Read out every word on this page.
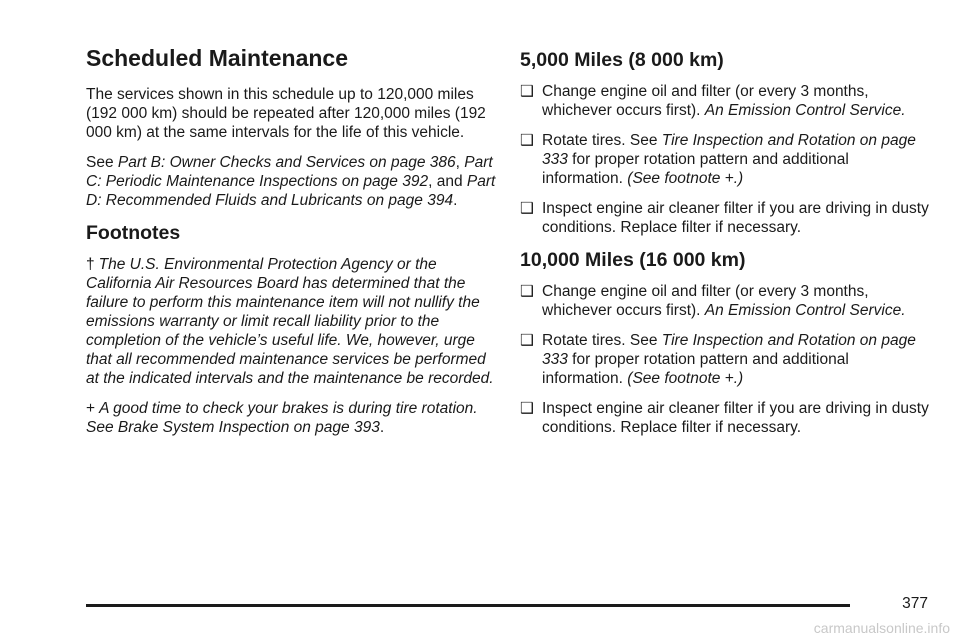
Scheduled Maintenance

The services shown in this schedule up to 120,000 miles (192 000 km) should be repeated after 120,000 miles (192 000 km) at the same intervals for the life of this vehicle.

See Part B: Owner Checks and Services on page 386, Part C: Periodic Maintenance Inspections on page 392, and Part D: Recommended Fluids and Lubricants on page 394.

Footnotes

† The U.S. Environmental Protection Agency or the California Air Resources Board has determined that the failure to perform this maintenance item will not nullify the emissions warranty or limit recall liability prior to the completion of the vehicle’s useful life. We, however, urge that all recommended maintenance services be performed at the indicated intervals and the maintenance be recorded.

+ A good time to check your brakes is during tire rotation. See Brake System Inspection on page 393.

5,000 Miles (8 000 km)
❑ Change engine oil and filter (or every 3 months, whichever occurs first). An Emission Control Service.
❑ Rotate tires. See Tire Inspection and Rotation on page 333 for proper rotation pattern and additional information. (See footnote +.)
❑ Inspect engine air cleaner filter if you are driving in dusty conditions. Replace filter if necessary.
10,000 Miles (16 000 km)
❑ Change engine oil and filter (or every 3 months, whichever occurs first). An Emission Control Service.
❑ Rotate tires. See Tire Inspection and Rotation on page 333 for proper rotation pattern and additional information. (See footnote +.)
❑ Inspect engine air cleaner filter if you are driving in dusty conditions. Replace filter if necessary.
377
carmanualsonline.info
